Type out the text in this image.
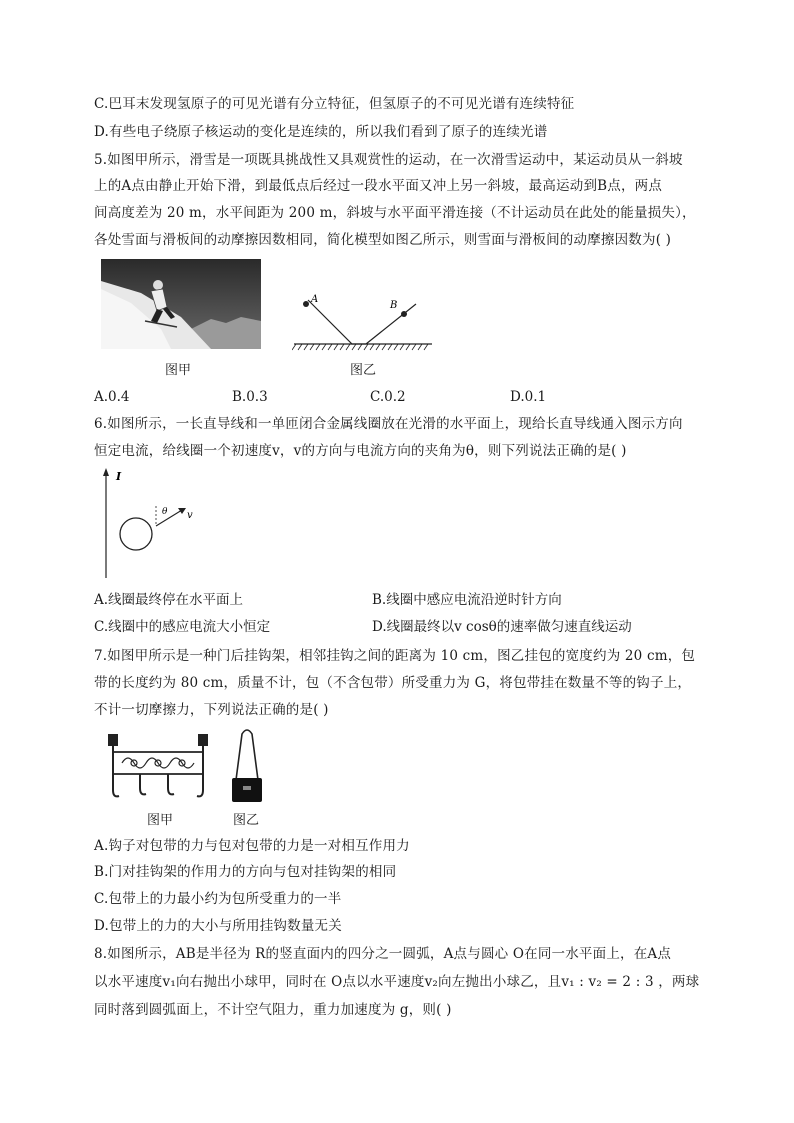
C.巴耳末发现氢原子的可见光谱有分立特征，但氢原子的不可见光谱有连续特征
D.有些电子绕原子核运动的变化是连续的，所以我们看到了原子的连续光谱
5.如图甲所示，滑雪是一项既具挑战性又具观赏性的运动，在一次滑雪运动中，某运动员从一斜坡
上的A点由静止开始下滑，到最低点后经过一段水平面又冲上另一斜坡，最高运动到B点，两点
间高度差为 20 m，水平间距为 200 m，斜坡与水平面平滑连接（不计运动员在此处的能量损失），
各处雪面与滑板间的动摩擦因数相同，简化模型如图乙所示，则雪面与滑板间的动摩擦因数为( )
A
B
图甲	图乙
A.0.4	B.0.3	C.0.2	D.0.1
6.如图所示，一长直导线和一单匝闭合金属线圈放在光滑的水平面上，现给长直导线通入图示方向
恒定电流，给线圈一个初速度v，v的方向与电流方向的夹角为θ，则下列说法正确的是( )
I
θ v
A.线圈最终停在水平面上	B.线圈中感应电流沿逆时针方向
C.线圈中的感应电流大小恒定	D.线圈最终以v cosθ的速率做匀速直线运动
7.如图甲所示是一种门后挂钩架，相邻挂钩之间的距离为 10 cm，图乙挂包的宽度约为 20 cm，包
带的长度约为 80 cm，质量不计，包（不含包带）所受重力为 G，将包带挂在数量不等的钩子上，
不计一切摩擦力，下列说法正确的是( )
图甲	图乙
A.钩子对包带的力与包对包带的力是一对相互作用力
B.门对挂钩架的作用力的方向与包对挂钩架的相同
C.包带上的力最小约为包所受重力的一半
D.包带上的力的大小与所用挂钩数量无关
8.如图所示，AB是半径为 R的竖直面内的四分之一圆弧，A点与圆心 O在同一水平面上，在A点
以水平速度v₁向右抛出小球甲，同时在 O点以水平速度v₂向左抛出小球乙，且v₁ : v₂ = 2 : 3 ，两球
同时落到圆弧面上，不计空气阻力，重力加速度为 g，则( )
